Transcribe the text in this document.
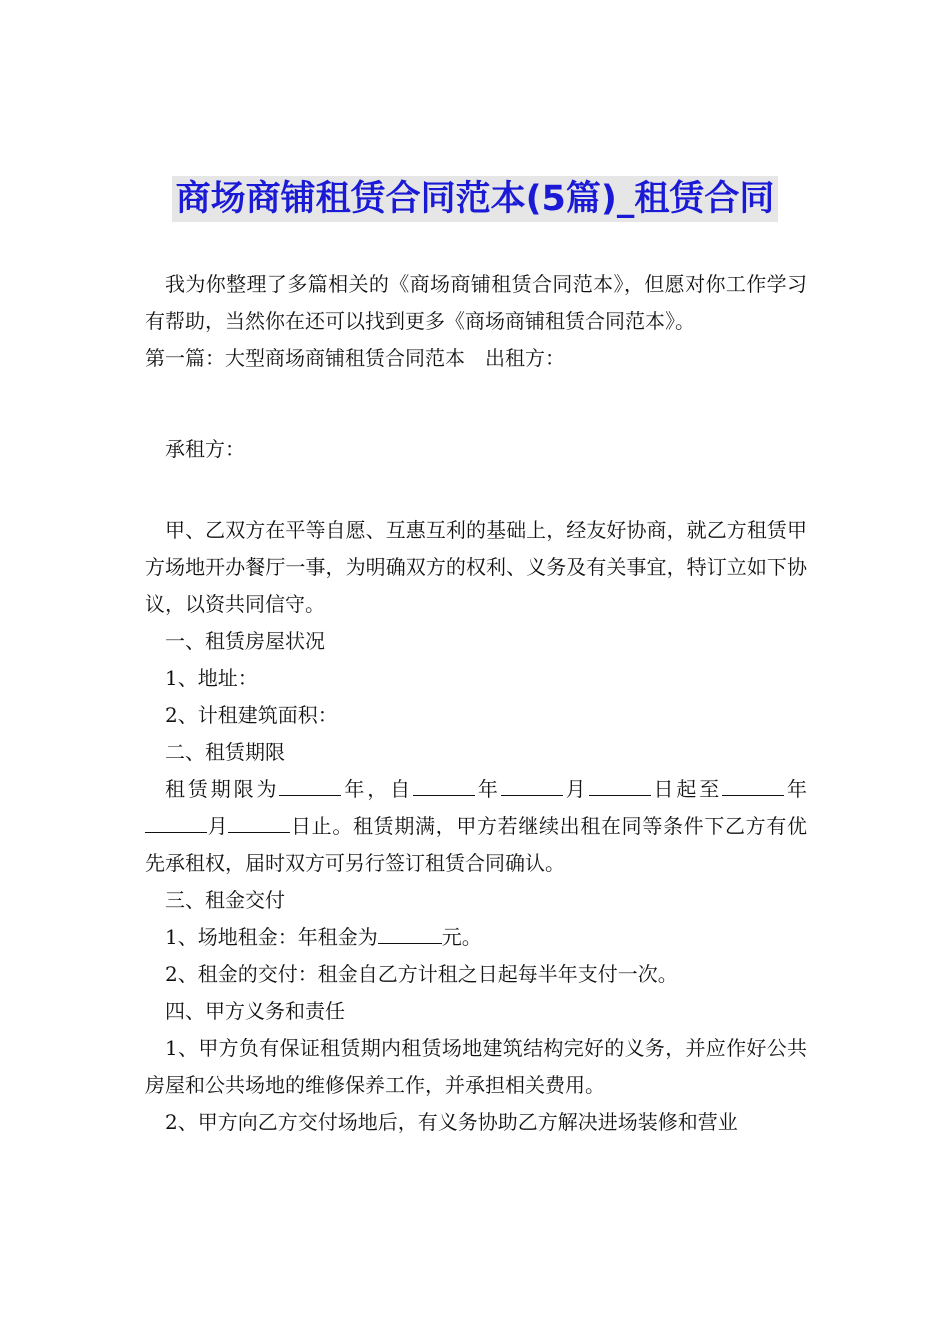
商场商铺租赁合同范本(5篇)_租赁合同

我为你整理了多篇相关的《商场商铺租赁合同范本》，但愿对你工作学习有帮助，当然你在还可以找到更多《商场商铺租赁合同范本》。

第一篇：大型商场商铺租赁合同范本　出租方：

承租方：

甲、乙双方在平等自愿、互惠互利的基础上，经友好协商，就乙方租赁甲方场地开办餐厅一事，为明确双方的权利、义务及有关事宜，特订立如下协议，以资共同信守。

一、租赁房屋状况

1、地址：

2、计租建筑面积：

二、租赁期限

租赁期限为	年，自	年	月	日起至	年月	日止。租赁期满，甲方若继续出租在同等条件下乙方有优先承租权，届时双方可另行签订租赁合同确认。

三、租金交付

1、场地租金：年租金为	元。

2、租金的交付：租金自乙方计租之日起每半年支付一次。

四、甲方义务和责任

1、甲方负有保证租赁期内租赁场地建筑结构完好的义务，并应作好公共房屋和公共场地的维修保养工作，并承担相关费用。

2、甲方向乙方交付场地后，有义务协助乙方解决进场装修和营业
